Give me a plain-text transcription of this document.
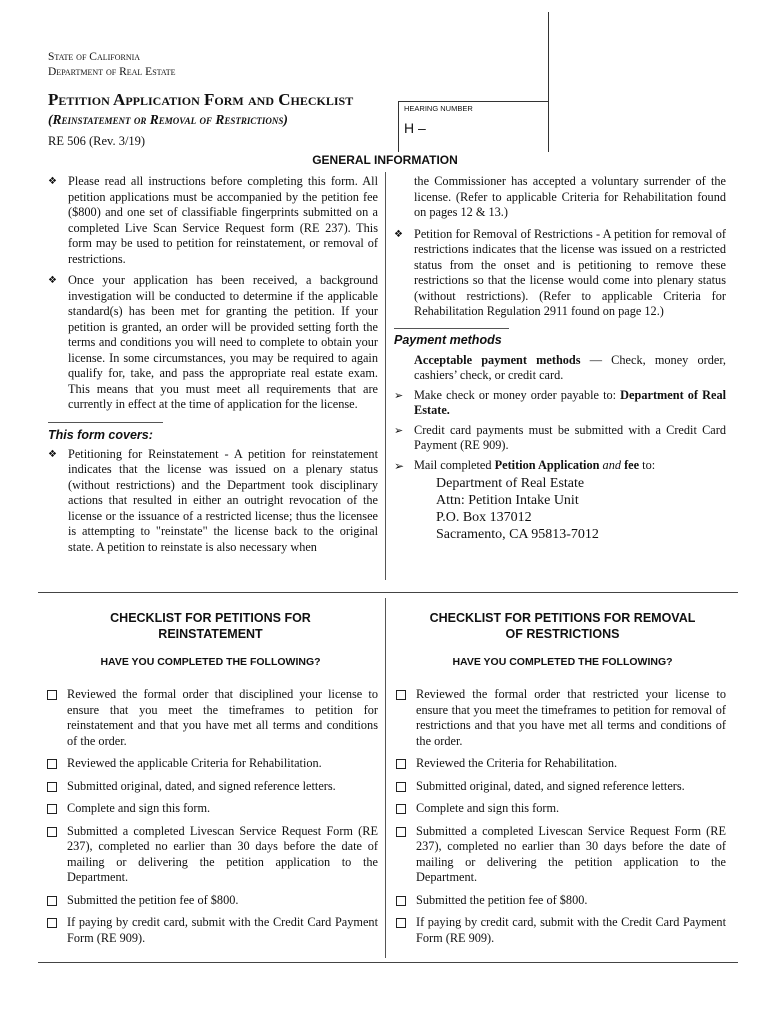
State of California
Department of Real Estate
Petition Application Form and Checklist
(Reinstatement or Removal of Restrictions)
RE 506 (Rev. 3/19)
HEARING NUMBER
H –
GENERAL INFORMATION

❖ Please read all instructions before completing this form. All petition applications must be accompanied by the petition fee ($800) and one set of classifiable fingerprints submitted on a completed Live Scan Service Request form (RE 237). This form may be used to petition for reinstatement, or removal of restrictions.

❖ Once your application has been received, a background investigation will be conducted to determine if the applicable standard(s) has been met for granting the petition. If your petition is granted, an order will be provided setting forth the terms and conditions you will need to complete to obtain your license. In some circumstances, you may be required to again qualify for, take, and pass the appropriate real estate exam. This means that you must meet all requirements that are currently in effect at the time of application for the license.

This form covers:

❖ Petitioning for Reinstatement - A petition for reinstatement indicates that the license was issued on a plenary status (without restrictions) and the Department took disciplinary actions that resulted in either an outright revocation of the license or the issuance of a restricted license; thus the licensee is attempting to "reinstate" the license back to the original state. A petition to reinstate is also necessary when

the Commissioner has accepted a voluntary surrender of the license. (Refer to applicable Criteria for Rehabilitation found on pages 12 & 13.)

❖ Petition for Removal of Restrictions - A petition for removal of restrictions indicates that the license was issued on a restricted status from the onset and is petitioning to remove these restrictions so that the license would come into plenary status (without restrictions). (Refer to applicable Criteria for Rehabilitation Regulation 2911 found on page 12.)

Payment methods

Acceptable payment methods — Check, money order, cashiers’ check, or credit card.

➢ Make check or money order payable to: Department of Real Estate.

➢ Credit card payments must be submitted with a Credit Card Payment (RE 909).

➢ Mail completed Petition Application and fee to:

Department of Real Estate
Attn: Petition Intake Unit
P.O. Box 137012
Sacramento, CA 95813-7012
CHECKLIST FOR PETITIONS FOR
REINSTATEMENT
HAVE YOU COMPLETED THE FOLLOWING?
Reviewed the formal order that disciplined your license to ensure that you meet the timeframes to petition for reinstatement and that you have met all terms and conditions of the order.
Reviewed the applicable Criteria for Rehabilitation.
Submitted original, dated, and signed reference letters.
Complete and sign this form.
Submitted a completed Livescan Service Request Form (RE 237), completed no earlier than 30 days before the date of mailing or delivering the petition application to the Department.
Submitted the petition fee of $800.
If paying by credit card, submit with the Credit Card Payment Form (RE 909).
CHECKLIST FOR PETITIONS FOR REMOVAL
OF RESTRICTIONS
HAVE YOU COMPLETED THE FOLLOWING?
Reviewed the formal order that restricted your license to ensure that you meet the timeframes to petition for removal of restrictions and that you have met all terms and conditions of the order.
Reviewed the Criteria for Rehabilitation.
Submitted original, dated, and signed reference letters.
Complete and sign this form.
Submitted a completed Livescan Service Request Form (RE 237), completed no earlier than 30 days before the date of mailing or delivering the petition application to the Department.
Submitted the petition fee of $800.
If paying by credit card, submit with the Credit Card Payment Form (RE 909).
